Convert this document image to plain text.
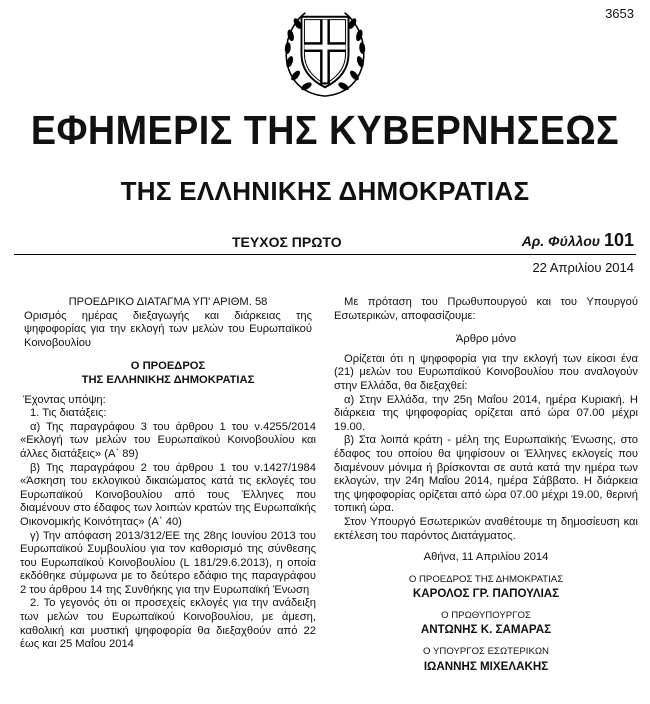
3653
ΕΦΗΜΕΡΙΣ ΤΗΣ ΚΥΒΕΡΝΗΣΕΩΣ
ΤΗΣ ΕΛΛΗΝΙΚΗΣ ΔΗΜΟΚΡΑΤΙΑΣ
ΤΕΥΧΟΣ ΠΡΩΤΟ	Αρ. Φύλλου 101
22 Απριλίου 2014

ΠΡΟΕΔΡΙΚΟ ΔΙΑΤΑΓΜΑ ΥΠ' ΑΡΙΘΜ. 58

Ορισμός ημέρας διεξαγωγής και διάρκειας της ψηφοφορίας για την εκλογή των μελών του Ευρωπαϊκού Κοινοβουλίου

Ο ΠΡΟΕΔΡΟΣ

ΤΗΣ ΕΛΛΗΝΙΚΗΣ ΔΗΜΟΚΡΑΤΙΑΣ

Έχοντας υπόψη:

1. Τις διατάξεις:

α) Της παραγράφου 3 του άρθρου 1 του ν.4255/2014 «Εκλογή των μελών του Ευρωπαϊκού Κοινοβουλίου και άλλες διατάξεις» (Α΄ 89)

β) Της παραγράφου 2 του άρθρου 1 του ν.1427/1984 «Άσκηση του εκλογικού δικαιώματος κατά τις εκλογές του Ευρωπαϊκού Κοινοβουλίου από τους Έλληνες που διαμένουν στο έδαφος των λοιπών κρατών της Ευρωπαϊκής Οικονομικής Κοινότητας» (Α΄ 40)

γ) Την απόφαση 2013/312/ΕΕ της 28ης Ιουνίου 2013 του Ευρωπαϊκού Συμβουλίου για τον καθορισμό της σύνθεσης του Ευρωπαϊκού Κοινοβουλίου (L 181/29.6.2013), η οποία εκδόθηκε σύμφωνα με το δεύτερο εδάφιο της παραγράφου 2 του άρθρου 14 της Συνθήκης για την Ευρωπαϊκή Ένωση

2. Το γεγονός ότι οι προσεχείς εκλογές για την ανάδειξη των μελών του Ευρωπαϊκού Κοινοβουλίου, με άμεση, καθολική και μυστική ψηφοφορία θα διεξαχθούν από 22 έως και 25 Μαΐου 2014

Με πρόταση του Πρωθυπουργού και του Υπουργού Εσωτερικών, αποφασίζουμε:

Άρθρο μόνο

Ορίζεται ότι η ψηφοφορία για την εκλογή των είκοσι ένα (21) μελών του Ευρωπαϊκού Κοινοβουλίου που αναλογούν στην Ελλάδα, θα διεξαχθεί:

α) Στην Ελλάδα, την 25η Μαΐου 2014, ημέρα Κυριακή. Η διάρκεια της ψηφοφορίας ορίζεται από ώρα 07.00 μέχρι 19.00.

β) Στα λοιπά κράτη - μέλη της Ευρωπαϊκής Ένωσης, στο έδαφος του οποίου θα ψηφίσουν οι Έλληνες εκλογείς που διαμένουν μόνιμα ή βρίσκονται σε αυτά κατά την ημέρα των εκλογών, την 24η Μαΐου 2014, ημέρα Σάββατο. Η διάρκεια της ψηφοφορίας ορίζεται από ώρα 07.00 μέχρι 19.00, θερινή τοπική ώρα.

Στον Υπουργό Εσωτερικών αναθέτουμε τη δημοσίευση και εκτέλεση του παρόντος Διατάγματος.

Αθήνα, 11 Απριλίου 2014

Ο ΠΡΟΕΔΡΟΣ ΤΗΣ ΔΗΜΟΚΡΑΤΙΑΣ

ΚΑΡΟΛΟΣ ΓΡ. ΠΑΠΟΥΛΙΑΣ

Ο ΠΡΩΘΥΠΟΥΡΓΟΣ

ΑΝΤΩΝΗΣ Κ. ΣΑΜΑΡΑΣ

Ο ΥΠΟΥΡΓΟΣ ΕΣΩΤΕΡΙΚΩΝ

ΙΩΑΝΝΗΣ ΜΙΧΕΛΑΚΗΣ
